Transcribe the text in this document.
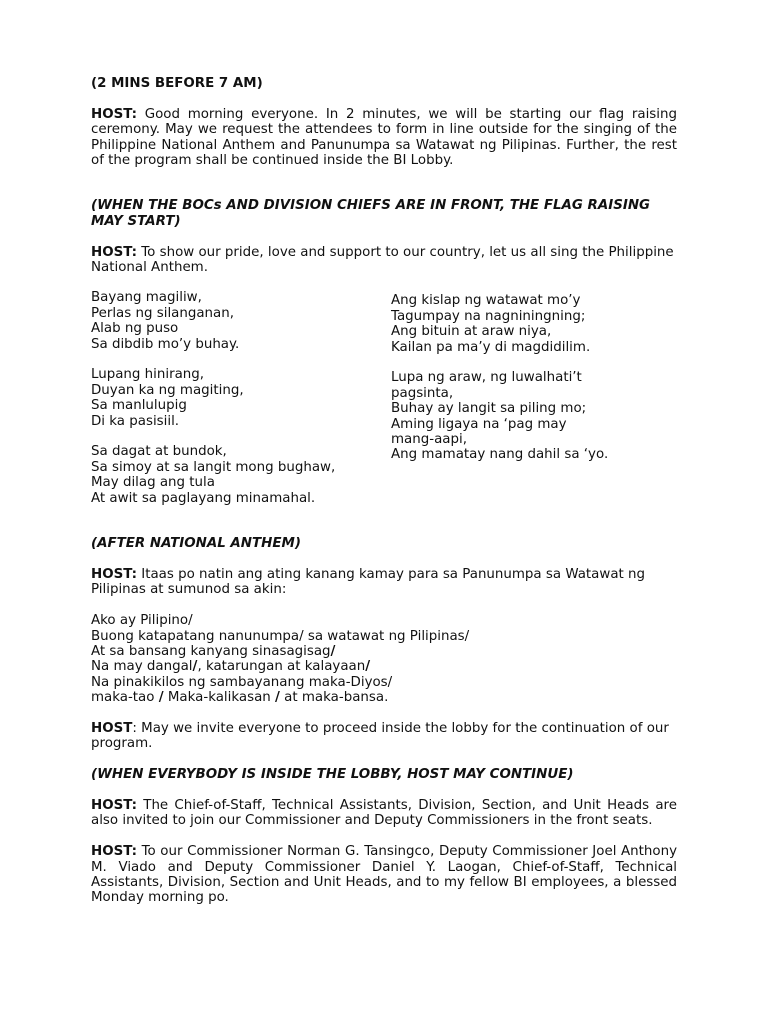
(2 MINS BEFORE 7 AM)

HOST: Good morning everyone. In 2 minutes, we will be starting our flag raising ceremony. May we request the attendees to form in line outside for the singing of the Philippine National Anthem and Panunumpa sa Watawat ng Pilipinas. Further, the rest of the program shall be continued inside the BI Lobby.

(WHEN THE BOCs AND DIVISION CHIEFS ARE IN FRONT, THE FLAG RAISING MAY START)

HOST: To show our pride, love and support to our country, let us all sing the Philippine National Anthem.

Bayang magiliw,
Perlas ng silanganan,
Alab ng puso
Sa dibdib mo’y buhay.
Lupang hinirang,
Duyan ka ng magiting,
Sa manlulupig
Di ka pasisiil.
Sa dagat at bundok,
Sa simoy at sa langit mong bughaw,
May dilag ang tula
At awit sa paglayang minamahal.
Ang kislap ng watawat mo’y
Tagumpay na nagniningning;
Ang bituin at araw niya,
Kailan pa ma’y di magdidilim.
Lupa ng araw, ng luwalhati’t
pagsinta,
Buhay ay langit sa piling mo;
Aming ligaya na ‘pag may
mang-aapi,
Ang mamatay nang dahil sa ‘yo.

(AFTER NATIONAL ANTHEM)

HOST: Itaas po natin ang ating kanang kamay para sa Panunumpa sa Watawat ng Pilipinas at sumunod sa akin:

Ako ay Pilipino/
Buong katapatang nanunumpa/ sa watawat ng Pilipinas/
At sa bansang kanyang sinasagisag/
Na may dangal/, katarungan at kalayaan/
Na pinakikilos ng sambayanang maka-Diyos/
maka-tao / Maka-kalikasan / at maka-bansa.

HOST: May we invite everyone to proceed inside the lobby for the continuation of our program.

(WHEN EVERYBODY IS INSIDE THE LOBBY, HOST MAY CONTINUE)

HOST: The Chief-of-Staff, Technical Assistants, Division, Section, and Unit Heads are also invited to join our Commissioner and Deputy Commissioners in the front seats.

HOST: To our Commissioner Norman G. Tansingco, Deputy Commissioner Joel Anthony M. Viado and Deputy Commissioner Daniel Y. Laogan, Chief-of-Staff, Technical Assistants, Division, Section and Unit Heads, and to my fellow BI employees, a blessed Monday morning po.
